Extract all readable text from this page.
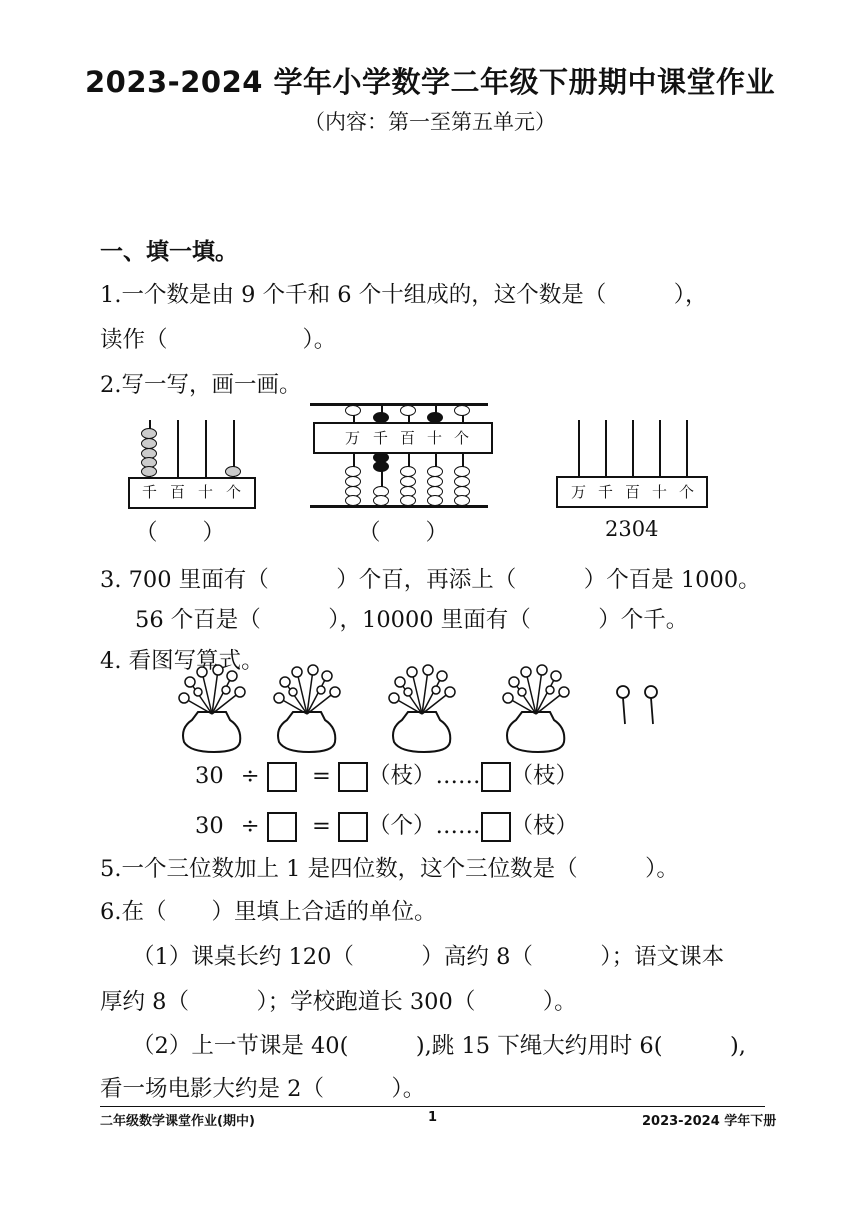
2023-2024 学年小学数学二年级下册期中课堂作业
（内容：第一至第五单元）
一、填一填。
1.一个数是由 9 个千和 6 个十组成的，这个数是（　　　），
读作（　　　　　　）。
2.写一写，画一画。
千 百 十 个
（　　）
万 千 百 十 个
（　　）
万 千 百 十 个
2304
3. 700 里面有（　　　）个百，再添上（　　　）个百是 1000。
56 个百是（　　　），10000 里面有（　　　）个千。
4. 看图写算式。
30 ÷ = （枝）…… （枝）
30 ÷ = （个）…… （枝）
5.一个三位数加上 1 是四位数，这个三位数是（　　　）。
6.在（　　）里填上合适的单位。
（1）课桌长约 120（　　　）高约 8（　　　）；语文课本
厚约 8（　　　）；学校跑道长 300（　　　）。
（2）上一节课是 40(　　　),跳 15 下绳大约用时 6(　　　),
看一场电影大约是 2（　　　）。
二年级数学课堂作业(期中)	1	2023-2024 学年下册
